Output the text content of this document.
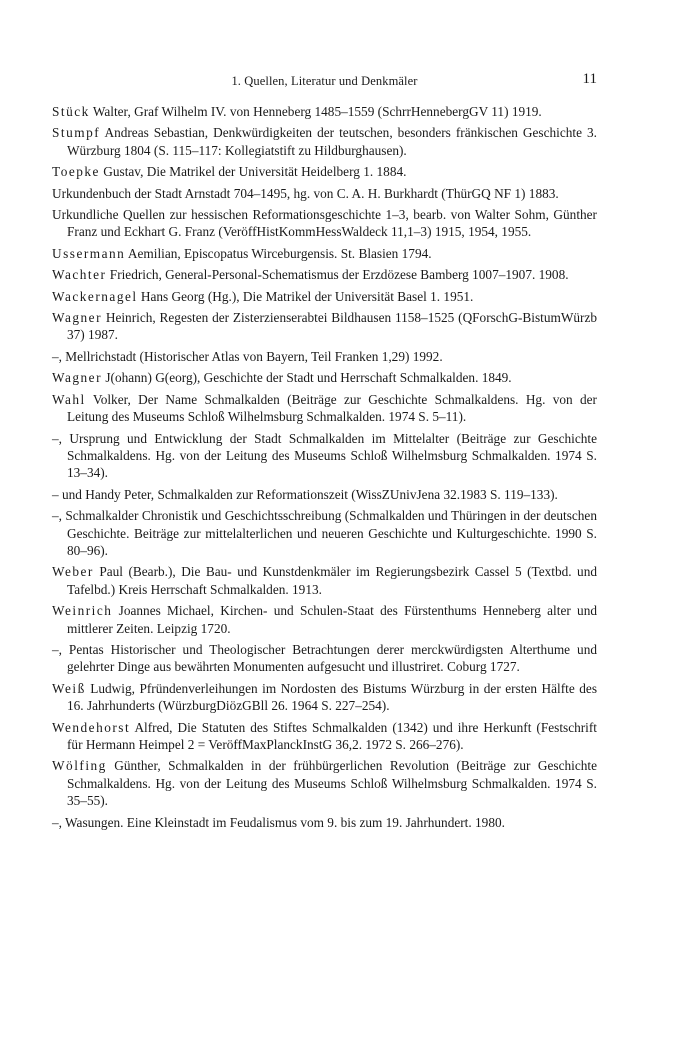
1. Quellen, Literatur und Denkmäler	11

Stück Walter, Graf Wilhelm IV. von Henneberg 1485–1559 (SchrrHennebergGV 11) 1919.

Stumpf Andreas Sebastian, Denkwürdigkeiten der teutschen, besonders fränkischen Geschichte 3. Würzburg 1804 (S. 115–117: Kollegiatstift zu Hildburghausen).

Toepke Gustav, Die Matrikel der Universität Heidelberg 1. 1884.

Urkundenbuch der Stadt Arnstadt 704–1495, hg. von C. A. H. Burkhardt (ThürGQ NF 1) 1883.

Urkundliche Quellen zur hessischen Reformationsgeschichte 1–3, bearb. von Walter Sohm, Günther Franz und Eckhart G. Franz (VeröffHistKommHessWaldeck 11,1–3) 1915, 1954, 1955.

Ussermann Aemilian, Episcopatus Wirceburgensis. St. Blasien 1794.

Wachter Friedrich, General-Personal-Schematismus der Erzdözese Bamberg 1007–1907. 1908.

Wackernagel Hans Georg (Hg.), Die Matrikel der Universität Basel 1. 1951.

Wagner Heinrich, Regesten der Zisterzienserabtei Bildhausen 1158–1525 (QForschG-BistumWürzb 37) 1987.

–, Mellrichstadt (Historischer Atlas von Bayern, Teil Franken 1,29) 1992.

Wagner J(ohann) G(eorg), Geschichte der Stadt und Herrschaft Schmalkalden. 1849.

Wahl Volker, Der Name Schmalkalden (Beiträge zur Geschichte Schmalkaldens. Hg. von der Leitung des Museums Schloß Wilhelmsburg Schmalkalden. 1974 S. 5–11).

–, Ursprung und Entwicklung der Stadt Schmalkalden im Mittelalter (Beiträge zur Geschichte Schmalkaldens. Hg. von der Leitung des Museums Schloß Wilhelmsburg Schmalkalden. 1974 S. 13–34).

– und Handy Peter, Schmalkalden zur Reformationszeit (WissZUnivJena 32.1983 S. 119–133).

–, Schmalkalder Chronistik und Geschichtsschreibung (Schmalkalden und Thüringen in der deutschen Geschichte. Beiträge zur mittelalterlichen und neueren Geschichte und Kulturgeschichte. 1990 S. 80–96).

Weber Paul (Bearb.), Die Bau- und Kunstdenkmäler im Regierungsbezirk Cassel 5 (Textbd. und Tafelbd.) Kreis Herrschaft Schmalkalden. 1913.

Weinrich Joannes Michael, Kirchen- und Schulen-Staat des Fürstenthums Henneberg alter und mittlerer Zeiten. Leipzig 1720.

–, Pentas Historischer und Theologischer Betrachtungen derer merckwürdigsten Alterthume und gelehrter Dinge aus bewährten Monumenten aufgesucht und illustriret. Coburg 1727.

Weiß Ludwig, Pfründenverleihungen im Nordosten des Bistums Würzburg in der ersten Hälfte des 16. Jahrhunderts (WürzburgDiözGBll 26. 1964 S. 227–254).

Wendehorst Alfred, Die Statuten des Stiftes Schmalkalden (1342) und ihre Herkunft (Festschrift für Hermann Heimpel 2 = VeröffMaxPlanckInstG 36,2. 1972 S. 266–276).

Wölfing Günther, Schmalkalden in der frühbürgerlichen Revolution (Beiträge zur Geschichte Schmalkaldens. Hg. von der Leitung des Museums Schloß Wilhelmsburg Schmalkalden. 1974 S. 35–55).

–, Wasungen. Eine Kleinstadt im Feudalismus vom 9. bis zum 19. Jahrhundert. 1980.
